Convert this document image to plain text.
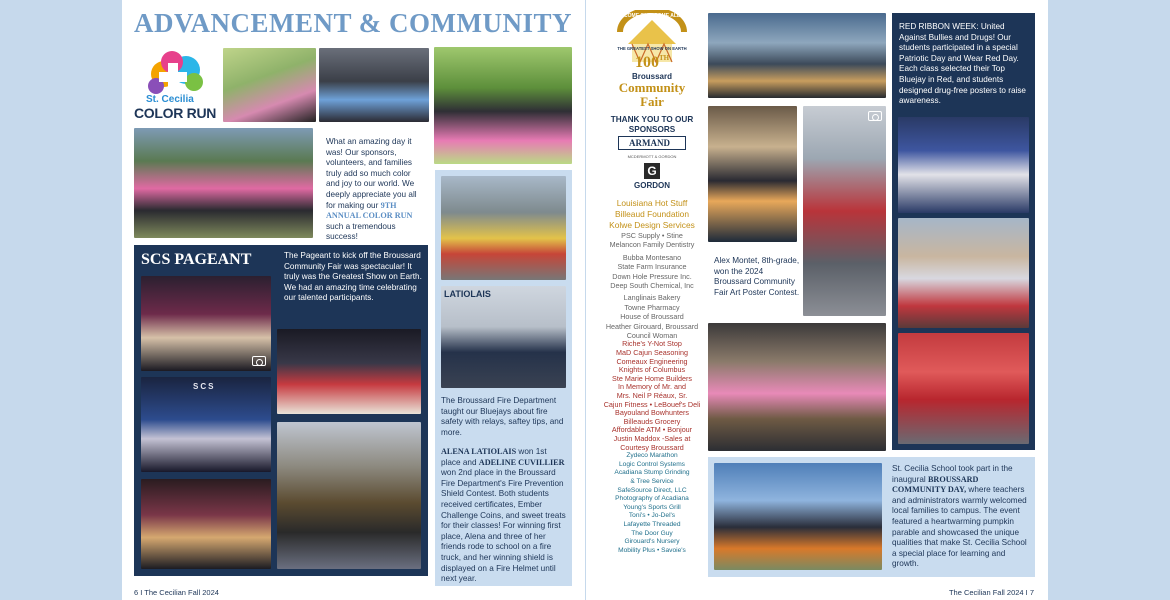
ADVANCEMENT & COMMUNITY
St. Cecilia
COLOR RUN
What an amazing day it was! Our sponsors, volunteers, and families truly add so much color and joy to our world. We deeply appreciate you all for making our 9TH ANNUAL COLOR RUN such a tremendous success!
SCS PAGEANT	The Pageant to kick off the Broussard Community Fair was spectacular! It truly was the Greatest Show on Earth. We had an amazing time celebrating our talented participants.
SCS
LATIOLAIS
The Broussard Fire Department taught our Bluejays about fire safety with relays, saftey tips, and more.
ALENA LATIOLAIS won 1st place and ADELINE CUVILLIER won 2nd place in the Broussard Fire Department's Fire Prevention Shield Contest. Both students received certificates, Ember Challenge Coins, and sweet treats for their classes! For winning first place, Alena and three of her friends rode to school on a fire truck, and her winning shield is displayed on a Fire Helmet until next year.
6 I The Cecilian Fall 2024
COME ONE, COME ALL
THE GREATEST SHOW ON EARTH
100TH
Broussard
Community
Fair
THANK YOU TO OUR SPONSORS
ARMAND
G
MCDERMOTT & GORDON
GORDON
Louisiana Hot Stuff
Billeaud Foundation
Kolwe Design Services
PSC Supply • Stine
Melancon Family Dentistry
Bubba Montesano
State Farm Insurance
Down Hole Pressure Inc.
Deep South Chemical, Inc
Langlinais Bakery
Towne Pharmacy
House of Broussard
Heather Girouard, Broussard
Council Woman
Riche's Y-Not Stop
MaD Cajun Seasoning
Comeaux Engineering
Knights of Columbus
Ste Marie Home Builders
In Memory of Mr. and
Mrs. Neil P Réaux, Sr.
Cajun Fitness • LeBouef's Deli
Bayouland Bowhunters
Billeauds Grocery
Affordable ATM • Bonjour
Justin Maddox -Sales at
Courtesy Broussard
Zydeco Marathon
Logic Control Systems
Acadiana Stump Grinding
& Tree Service
SafeSource Direct, LLC
Photography of Acadiana
Young's Sports Grill
Toni's • Jo-Del's
Lafayette Threaded
The Door Guy
Girouard's Nursery
Mobility Plus • Savoie's
Alex Montet, 8th-grade, won the 2024 Broussard Community Fair Art Poster Contest.
RED RIBBON WEEK: United Against Bullies and Drugs! Our students participated in a special Patriotic Day and Wear Red Day. Each class selected their Top Bluejay in Red, and students designed drug-free posters to raise awareness.
St. Cecilia School took part in the inaugural BROUSSARD COMMUNITY DAY, where teachers and administrators warmly welcomed local families to campus. The event featured a heartwarming pumpkin parable and showcased the unique qualities that make St. Cecilia School a special place for learning and growth.
The Cecilian Fall 2024 I 7
